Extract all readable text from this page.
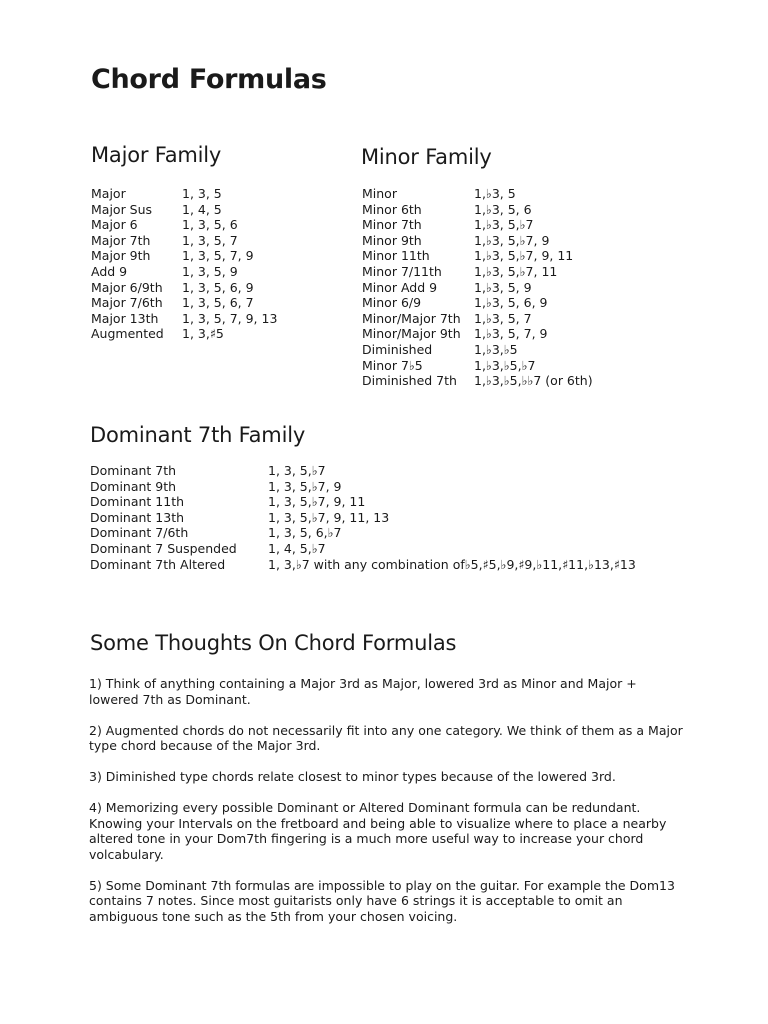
Chord Formulas
Major Family
Major	1, 3, 5
Major Sus	1, 4, 5
Major 6	1, 3, 5, 6
Major 7th	1, 3, 5, 7
Major 9th	1, 3, 5, 7, 9
Add 9	1, 3, 5, 9
Major 6/9th	1, 3, 5, 6, 9
Major 7/6th	1, 3, 5, 6, 7
Major 13th	1, 3, 5, 7, 9, 13
Augmented	1, 3,♯5
Minor Family
Minor	1,♭3, 5
Minor 6th	1,♭3, 5, 6
Minor 7th	1,♭3, 5,♭7
Minor 9th	1,♭3, 5,♭7, 9
Minor 11th	1,♭3, 5,♭7, 9, 11
Minor 7/11th	1,♭3, 5,♭7, 11
Minor Add 9	1,♭3, 5, 9
Minor 6/9	1,♭3, 5, 6, 9
Minor/Major 7th	1,♭3, 5, 7
Minor/Major 9th	1,♭3, 5, 7, 9
Diminished	1,♭3,♭5
Minor 7♭5	1,♭3,♭5,♭7
Diminished 7th	1,♭3,♭5,♭♭7 (or 6th)
Dominant 7th Family
Dominant 7th	1, 3, 5,♭7
Dominant 9th	1, 3, 5,♭7, 9
Dominant 11th	1, 3, 5,♭7, 9, 11
Dominant 13th	1, 3, 5,♭7, 9, 11, 13
Dominant 7/6th	1, 3, 5, 6,♭7
Dominant 7 Suspended	1, 4, 5,♭7
Dominant 7th Altered	1, 3,♭7 with any combination of♭5,♯5,♭9,♯9,♭11,♯11,♭13,♯13
Some Thoughts On Chord Formulas

1) Think of anything containing a Major 3rd as Major, lowered 3rd as Minor and Major + lowered 7th as Dominant.

2) Augmented chords do not necessarily fit into any one category. We think of them as a Major type chord because of the Major 3rd.

3) Diminished type chords relate closest to minor types because of the lowered 3rd.

4) Memorizing every possible Dominant or Altered Dominant formula can be redundant. Knowing your Intervals on the fretboard and being able to visualize where to place a nearby altered tone in your Dom7th fingering is a much more useful way to increase your chord volcabulary.

5) Some Dominant 7th formulas are impossible to play on the guitar. For example the Dom13 contains 7 notes. Since most guitarists only have 6 strings it is acceptable to omit an ambiguous tone such as the 5th from your chosen voicing.
